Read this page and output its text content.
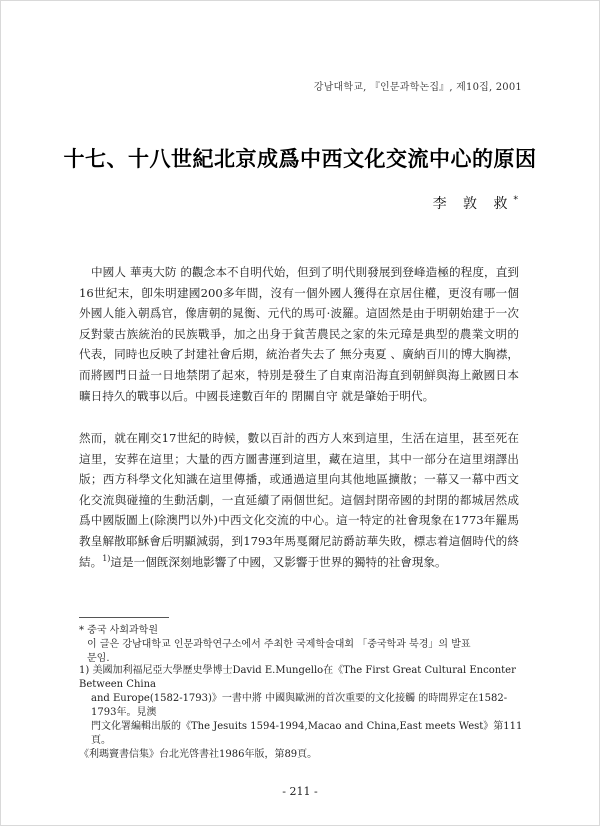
강남대학교, 『인문과학논집』, 제10집, 2001
十七、十八世紀北京成爲中西文化交流中心的原因
李 敦 救*
中國人 華夷大防 的觀念本不自明代始，但到了明代則發展到登峰造極的程度，直到16世紀末，卽朱明建國200多年間，沒有一個外國人獲得在京居住權，更沒有哪一個外國人能入朝爲官，像唐朝的晁衡、元代的馬可·波羅。這固然是由于明朝始建于一次反對蒙古族統治的民族戰爭，加之出身于貧苦農民之家的朱元璋是典型的農業文明的代表，同時也反映了封建社會后期，統治者失去了 無分夷夏 、廣納百川的博大胸襟，而將國門日益一日地禁閉了起來，特別是發生了自東南沿海直到朝鮮與海上敵國日本曠日持久的戰事以后。中國長達數百年的 閉關自守 就是肇始于明代。
然而，就在剛交17世紀的時候，數以百計的西方人來到這里，生活在這里，甚至死在這里，安葬在這里；大量的西方圖書運到這里，藏在這里，其中一部分在這里翊譯出版；西方科學文化知識在這里傳播，或通過這里向其他地區擴散；一幕又一幕中西文化交流與碰撞的生動活劇，一直延續了兩個世紀。這個封閉帝國的封閉的都城居然成爲中國版圖上(除澳門以外)中西文化交流的中心。這一特定的社會現象在1773年羅馬教皇解散耶穌會后明顯減弱，到1793年馬戛爾尼訪爵訪華失敗，標志着這個時代的終結。$^{1)}$這是一個旣深刻地影響了中國，又影響于世界的獨特的社會現象。
* 중국 사회과학원
이 글은 강남대학교 인문과학연구소에서 주최한 국제학술대회 「중국학과 북경」의 발표
문임.
1) 美國加利福尼亞大學歷史學博士David E.Mungello在《The First Great Cultural Enconter Between China
and Europe(1582-1793)》一書中將 中國與歐洲的首次重要的文化接觸 的時間界定在1582-1793年。見澳
門文化署編輯出版的《The Jesuits 1594-1994,Macao and China,East meets West》第111頁。
《利瑪竇書信集》台北光啓書社1986年版，第89頁。
- 211 -
